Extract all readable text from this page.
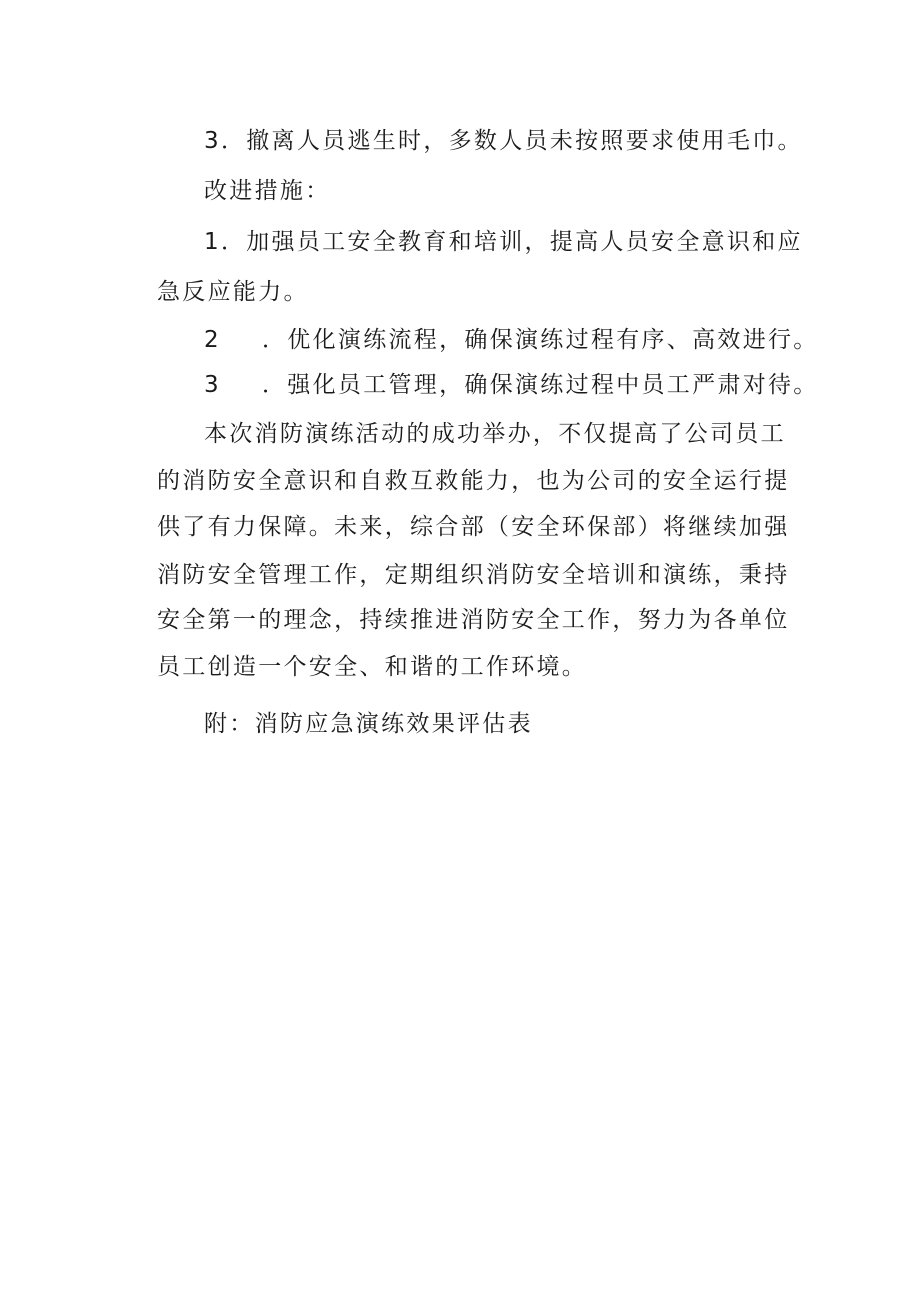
3．撤离人员逃生时，多数人员未按照要求使用毛巾。

改进措施：

1．加强员工安全教育和培训，提高人员安全意识和应

急反应能力。

2 ．优化演练流程，确保演练过程有序、高效进行。

3 ．强化员工管理，确保演练过程中员工严肃对待。

本次消防演练活动的成功举办，不仅提高了公司员工

的消防安全意识和自救互救能力，也为公司的安全运行提

供了有力保障。未来，综合部（安全环保部）将继续加强

消防安全管理工作，定期组织消防安全培训和演练，秉持

安全第一的理念，持续推进消防安全工作，努力为各单位

员工创造一个安全、和谐的工作环境。

附：消防应急演练效果评估表
